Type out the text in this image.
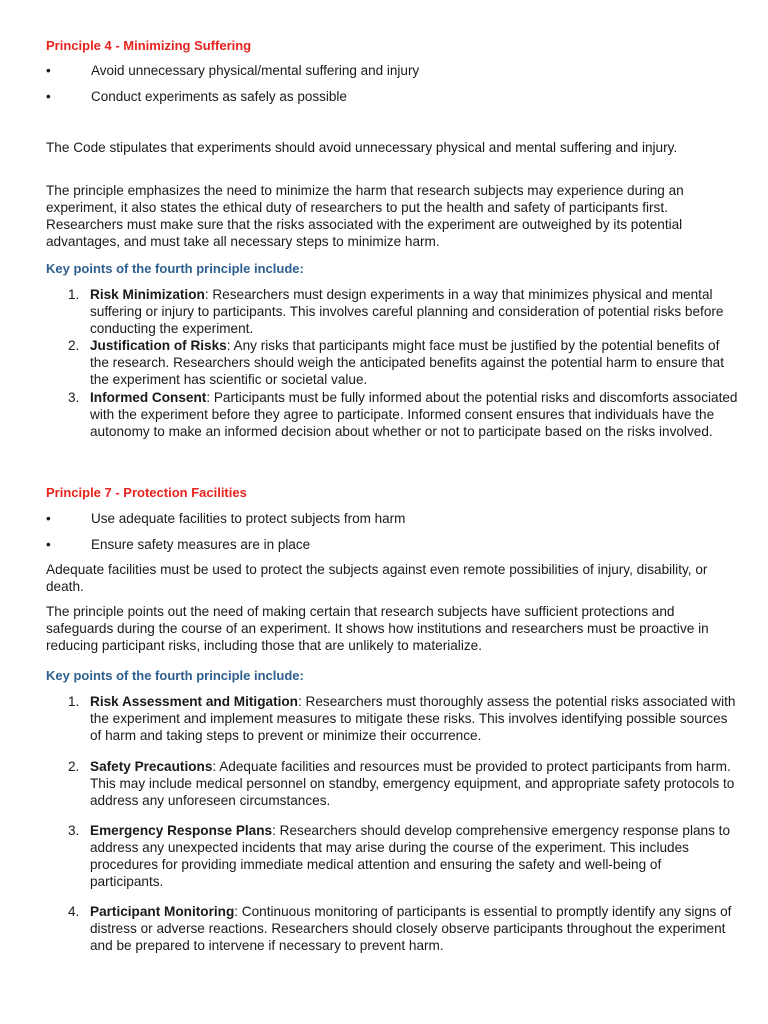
Principle 4 - Minimizing Suffering

•	Avoid unnecessary physical/mental suffering and injury
•	Conduct experiments as safely as possible

The Code stipulates that experiments should avoid unnecessary physical and mental suffering and injury.

The principle emphasizes the need to minimize the harm that research subjects may experience during an experiment, it also states the ethical duty of researchers to put the health and safety of participants first. Researchers must make sure that the risks associated with the experiment are outweighed by its potential advantages, and must take all necessary steps to minimize harm.

Key points of the fourth principle include:

1. Risk Minimization: Researchers must design experiments in a way that minimizes physical and mental suffering or injury to participants. This involves careful planning and consideration of potential risks before conducting the experiment.
2. Justification of Risks: Any risks that participants might face must be justified by the potential benefits of the research. Researchers should weigh the anticipated benefits against the potential harm to ensure that the experiment has scientific or societal value.
3. Informed Consent: Participants must be fully informed about the potential risks and discomforts associated with the experiment before they agree to participate. Informed consent ensures that individuals have the autonomy to make an informed decision about whether or not to participate based on the risks involved.

Principle 7 - Protection Facilities

•	Use adequate facilities to protect subjects from harm
•	Ensure safety measures are in place

Adequate facilities must be used to protect the subjects against even remote possibilities of injury, disability, or death.

The principle points out the need of making certain that research subjects have sufficient protections and safeguards during the course of an experiment. It shows how institutions and researchers must be proactive in reducing participant risks, including those that are unlikely to materialize.

Key points of the fourth principle include:

1. Risk Assessment and Mitigation: Researchers must thoroughly assess the potential risks associated with the experiment and implement measures to mitigate these risks. This involves identifying possible sources of harm and taking steps to prevent or minimize their occurrence.
2. Safety Precautions: Adequate facilities and resources must be provided to protect participants from harm. This may include medical personnel on standby, emergency equipment, and appropriate safety protocols to address any unforeseen circumstances.
3. Emergency Response Plans: Researchers should develop comprehensive emergency response plans to address any unexpected incidents that may arise during the course of the experiment. This includes procedures for providing immediate medical attention and ensuring the safety and well-being of participants.
4. Participant Monitoring: Continuous monitoring of participants is essential to promptly identify any signs of distress or adverse reactions. Researchers should closely observe participants throughout the experiment and be prepared to intervene if necessary to prevent harm.
